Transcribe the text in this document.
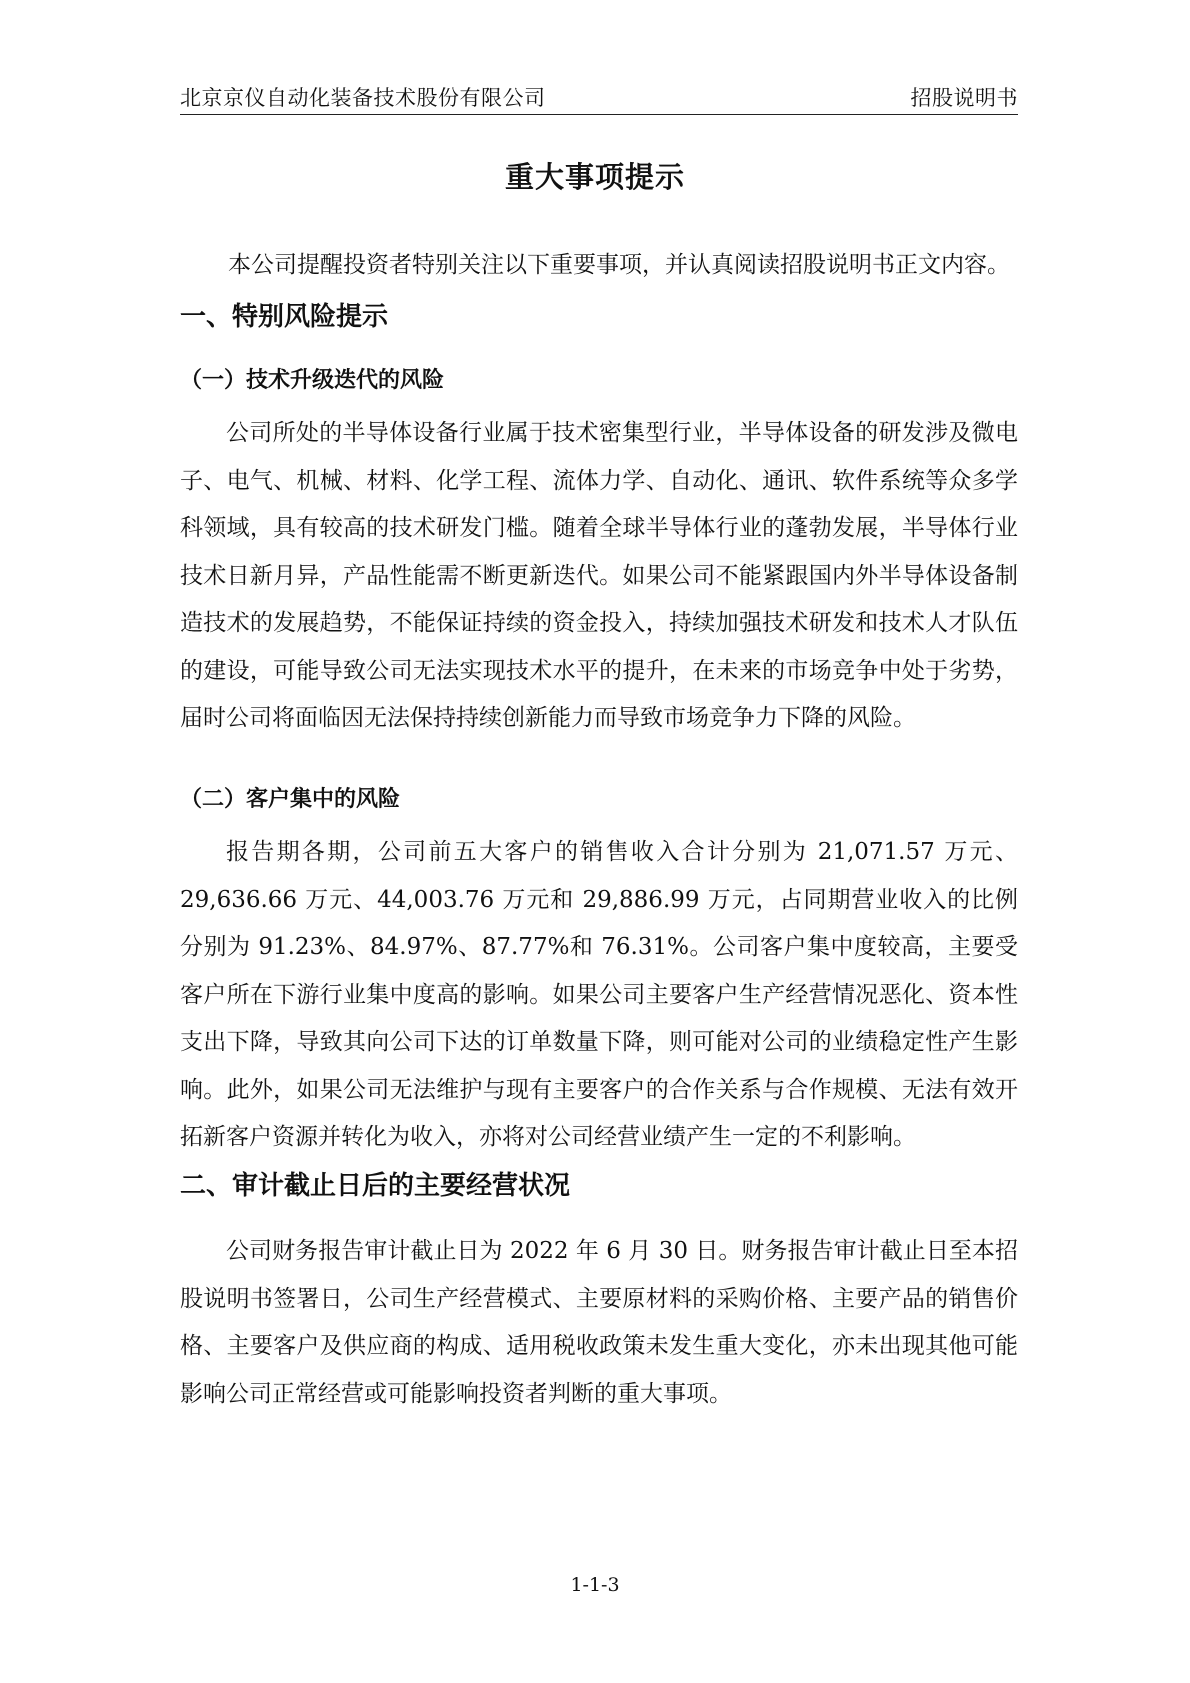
北京京仪自动化装备技术股份有限公司	招股说明书
重大事项提示
本公司提醒投资者特别关注以下重要事项，并认真阅读招股说明书正文内容。
一、特别风险提示
（一）技术升级迭代的风险

公司所处的半导体设备行业属于技术密集型行业，半导体设备的研发涉及微电子、电气、机械、材料、化学工程、流体力学、自动化、通讯、软件系统等众多学科领域，具有较高的技术研发门槛。随着全球半导体行业的蓬勃发展，半导体行业技术日新月异，产品性能需不断更新迭代。如果公司不能紧跟国内外半导体设备制造技术的发展趋势，不能保证持续的资金投入，持续加强技术研发和技术人才队伍的建设，可能导致公司无法实现技术水平的提升，在未来的市场竞争中处于劣势，届时公司将面临因无法保持持续创新能力而导致市场竞争力下降的风险。

（二）客户集中的风险

报告期各期，公司前五大客户的销售收入合计分别为 21,071.57 万元、29,636.66 万元、44,003.76 万元和 29,886.99 万元，占同期营业收入的比例分别为 91.23%、84.97%、87.77%和 76.31%。公司客户集中度较高，主要受客户所在下游行业集中度高的影响。如果公司主要客户生产经营情况恶化、资本性支出下降，导致其向公司下达的订单数量下降，则可能对公司的业绩稳定性产生影响。此外，如果公司无法维护与现有主要客户的合作关系与合作规模、无法有效开拓新客户资源并转化为收入，亦将对公司经营业绩产生一定的不利影响。

二、审计截止日后的主要经营状况

公司财务报告审计截止日为 2022 年 6 月 30 日。财务报告审计截止日至本招股说明书签署日，公司生产经营模式、主要原材料的采购价格、主要产品的销售价格、主要客户及供应商的构成、适用税收政策未发生重大变化，亦未出现其他可能影响公司正常经营或可能影响投资者判断的重大事项。

1-1-3
